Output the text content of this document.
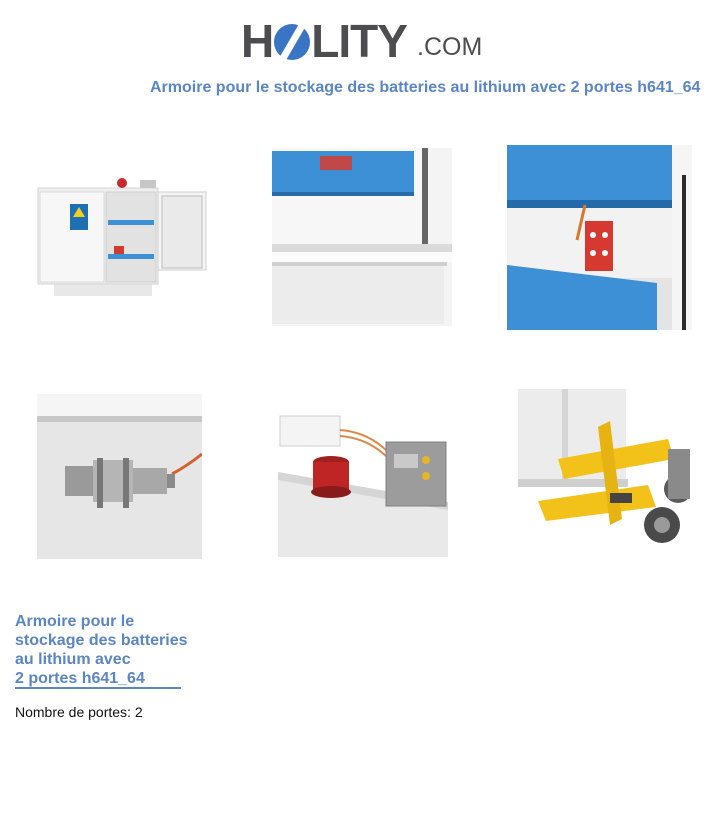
H LITY .COM
Armoire pour le stockage des batteries au lithium avec 2 portes h641_64
Armoire pour le
stockage des batteries
au lithium avec
2 portes h641_64
Nombre de portes: 2
